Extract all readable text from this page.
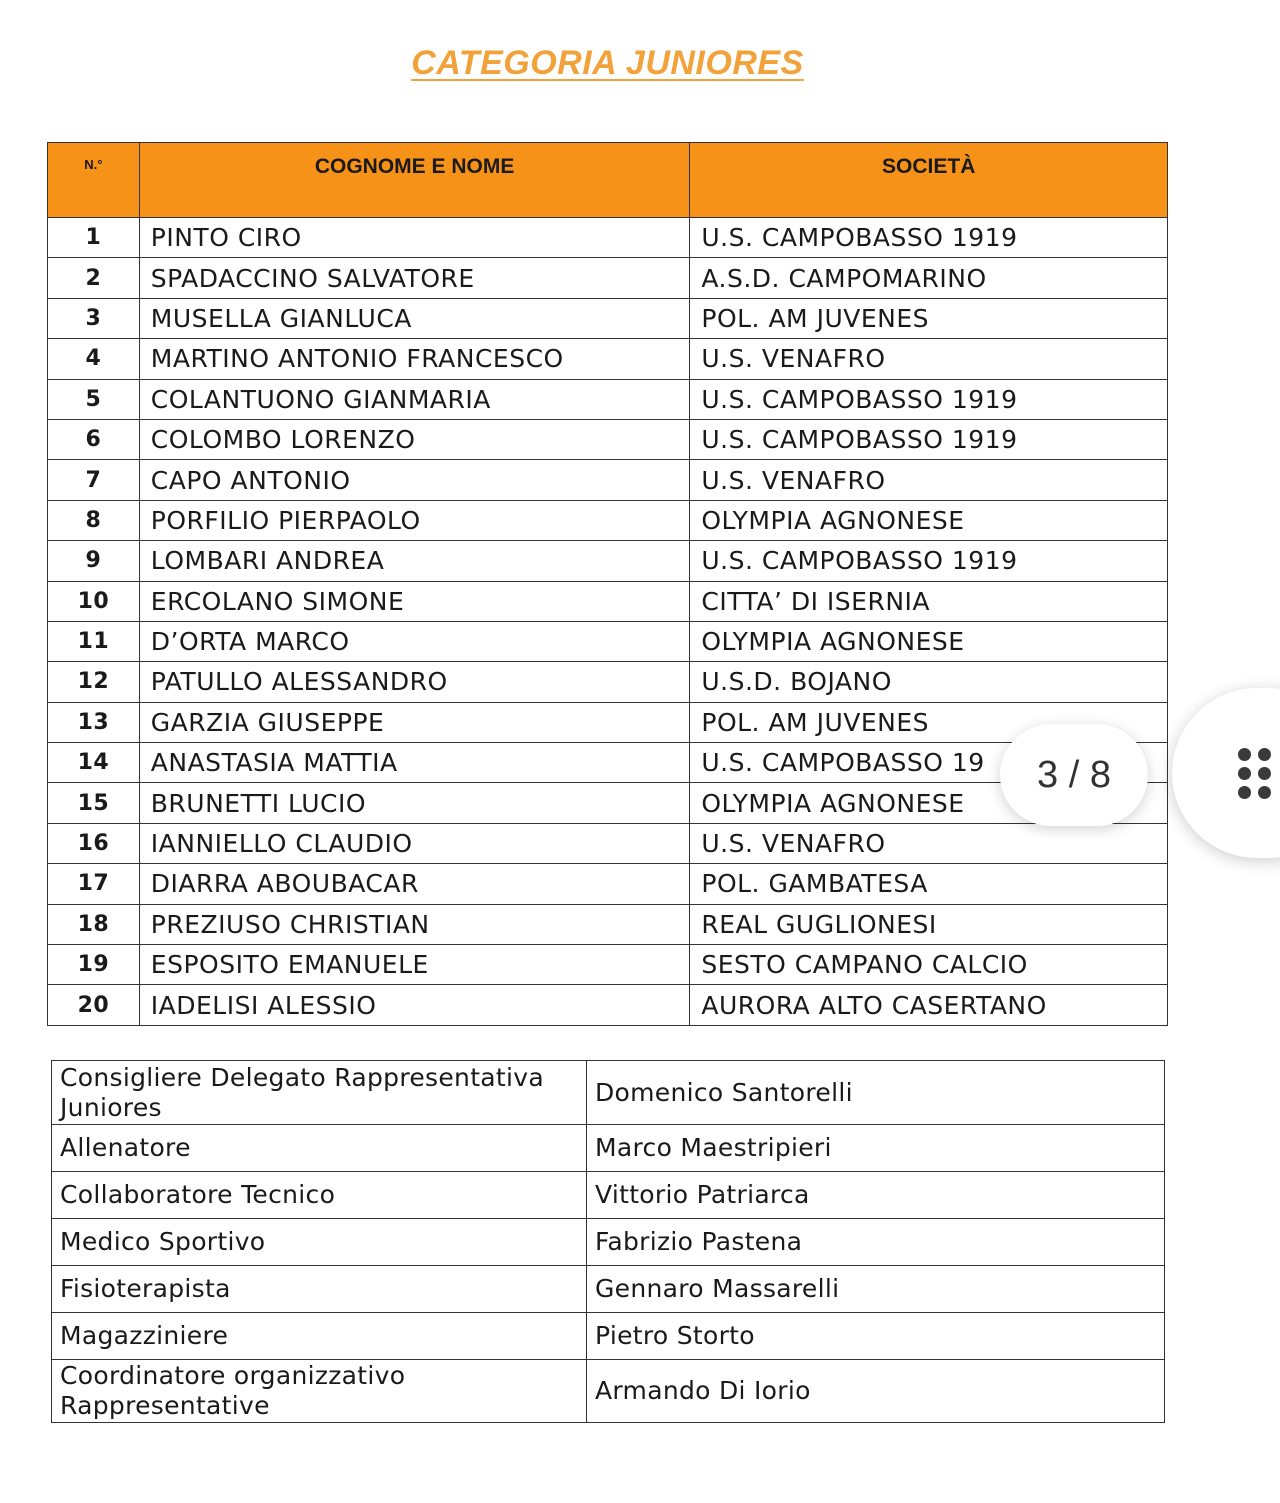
CATEGORIA JUNIORES
N.°	COGNOME E NOME	SOCIETÀ
1	PINTO CIRO	U.S. CAMPOBASSO 1919
2	SPADACCINO SALVATORE	A.S.D. CAMPOMARINO
3	MUSELLA GIANLUCA	POL. AM JUVENES
4	MARTINO ANTONIO FRANCESCO	U.S. VENAFRO
5	COLANTUONO GIANMARIA	U.S. CAMPOBASSO 1919
6	COLOMBO LORENZO	U.S. CAMPOBASSO 1919
7	CAPO ANTONIO	U.S. VENAFRO
8	PORFILIO PIERPAOLO	OLYMPIA AGNONESE
9	LOMBARI ANDREA	U.S. CAMPOBASSO 1919
10	ERCOLANO SIMONE	CITTA’ DI ISERNIA
11	D’ORTA MARCO	OLYMPIA AGNONESE
12	PATULLO ALESSANDRO	U.S.D. BOJANO
13	GARZIA GIUSEPPE	POL. AM JUVENES
14	ANASTASIA MATTIA	U.S. CAMPOBASSO 19
15	BRUNETTI LUCIO	OLYMPIA AGNONESE
16	IANNIELLO CLAUDIO	U.S. VENAFRO
17	DIARRA ABOUBACAR	POL. GAMBATESA
18	PREZIUSO CHRISTIAN	REAL GUGLIONESI
19	ESPOSITO EMANUELE	SESTO CAMPANO CALCIO
20	IADELISI ALESSIO	AURORA ALTO CASERTANO
Consigliere Delegato Rappresentativa Juniores	Domenico Santorelli
Allenatore	Marco Maestripieri
Collaboratore Tecnico	Vittorio Patriarca
Medico Sportivo	Fabrizio Pastena
Fisioterapista	Gennaro Massarelli
Magazziniere	Pietro Storto
Coordinatore organizzativo Rappresentative	Armando Di Iorio
3 / 8
